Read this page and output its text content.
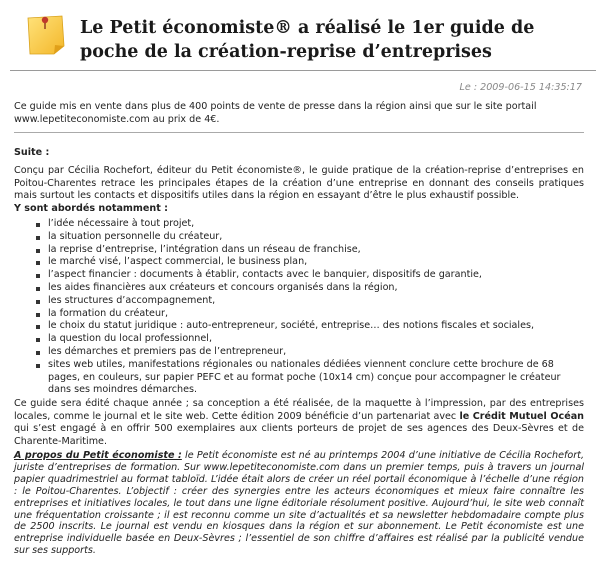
Le Petit économiste® a réalisé le 1er guide de poche de la création-reprise d’entreprises
Le : 2009-06-15 14:35:17

Ce guide mis en vente dans plus de 400 points de vente de presse dans la région ainsi que sur le site portail www.lepetiteconomiste.com au prix de 4€.

Suite :

Conçu par Cécilia Rochefort, éditeur du Petit économiste®, le guide pratique de la création-reprise d’entreprises en Poitou-Charentes retrace les principales étapes de la création d’une entreprise en donnant des conseils pratiques mais surtout les contacts et dispositifs utiles dans la région en essayant d’être le plus exhaustif possible.
Y sont abordés notamment :

l’idée nécessaire à tout projet,
la situation personnelle du créateur,
la reprise d’entreprise, l’intégration dans un réseau de franchise,
le marché visé, l’aspect commercial, le business plan,
l’aspect financier : documents à établir, contacts avec le banquier, dispositifs de garantie,
les aides financières aux créateurs et concours organisés dans la région,
les structures d’accompagnement,
la formation du créateur,
le choix du statut juridique : auto-entrepreneur, société, entreprise… des notions fiscales et sociales,
la question du local professionnel,
les démarches et premiers pas de l’entrepreneur,
sites web utiles, manifestations régionales ou nationales dédiées viennent conclure cette brochure de 68 pages, en couleurs, sur papier PEFC et au format poche (10x14 cm) conçue pour accompagner le créateur dans ses moindres démarches.

Ce guide sera édité chaque année ; sa conception a été réalisée, de la maquette à l’impression, par des entreprises locales, comme le journal et le site web. Cette édition 2009 bénéficie d’un partenariat avec le Crédit Mutuel Océan qui s’est engagé à en offrir 500 exemplaires aux clients porteurs de projet de ses agences des Deux-Sèvres et de Charente-Maritime.

A propos du Petit économiste : le Petit économiste est né au printemps 2004 d’une initiative de Cécilia Rochefort, juriste d’entreprises de formation. Sur www.lepetiteconomiste.com dans un premier temps, puis à travers un journal papier quadrimestriel au format tabloïd. L’idée était alors de créer un réel portail économique à l’échelle d’une région : le Poitou-Charentes. L’objectif : créer des synergies entre les acteurs économiques et mieux faire connaître les entreprises et initiatives locales, le tout dans une ligne éditoriale résolument positive. Aujourd’hui, le site web connaît une fréquentation croissante ; il est reconnu comme un site d’actualités et sa newsletter hebdomadaire compte plus de 2500 inscrits. Le journal est vendu en kiosques dans la région et sur abonnement. Le Petit économiste est une entreprise individuelle basée en Deux-Sèvres ; l’essentiel de son chiffre d’affaires est réalisé par la publicité vendue sur ses supports.
